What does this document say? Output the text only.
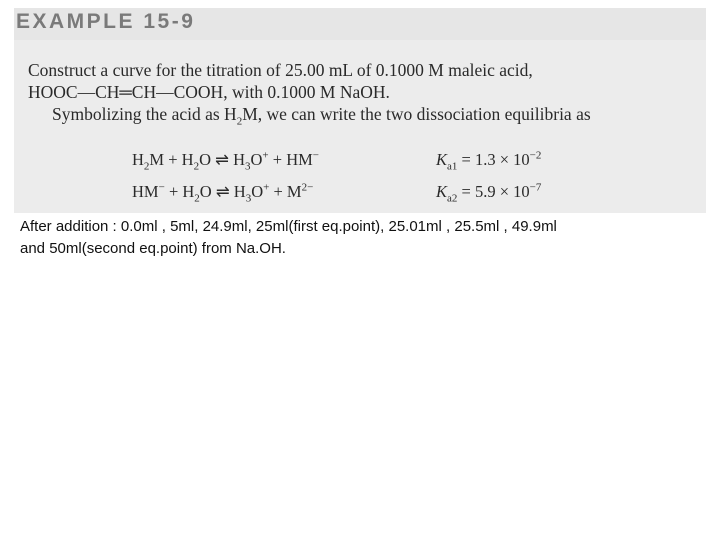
EXAMPLE 15-9
Construct a curve for the titration of 25.00 mL of 0.1000 M maleic acid,
HOOC—CH═CH—COOH, with 0.1000 M NaOH.
Symbolizing the acid as $H_2M$, we can write the two dissociation equilibria as
$H_2M + H_2O$ ⇌ $H_3O^+ + HM^-$	$K_{a1} = 1.3 \times 10^{-2}$
$HM^- + H_2O$ ⇌ $H_3O^+ + M^{2-}$	$K_{a2} = 5.9 \times 10^{-7}$
After addition : 0.0ml , 5ml, 24.9ml, 25ml(first eq.point), 25.01ml , 25.5ml , 49.9ml
and 50ml(second eq.point) from Na.OH.
